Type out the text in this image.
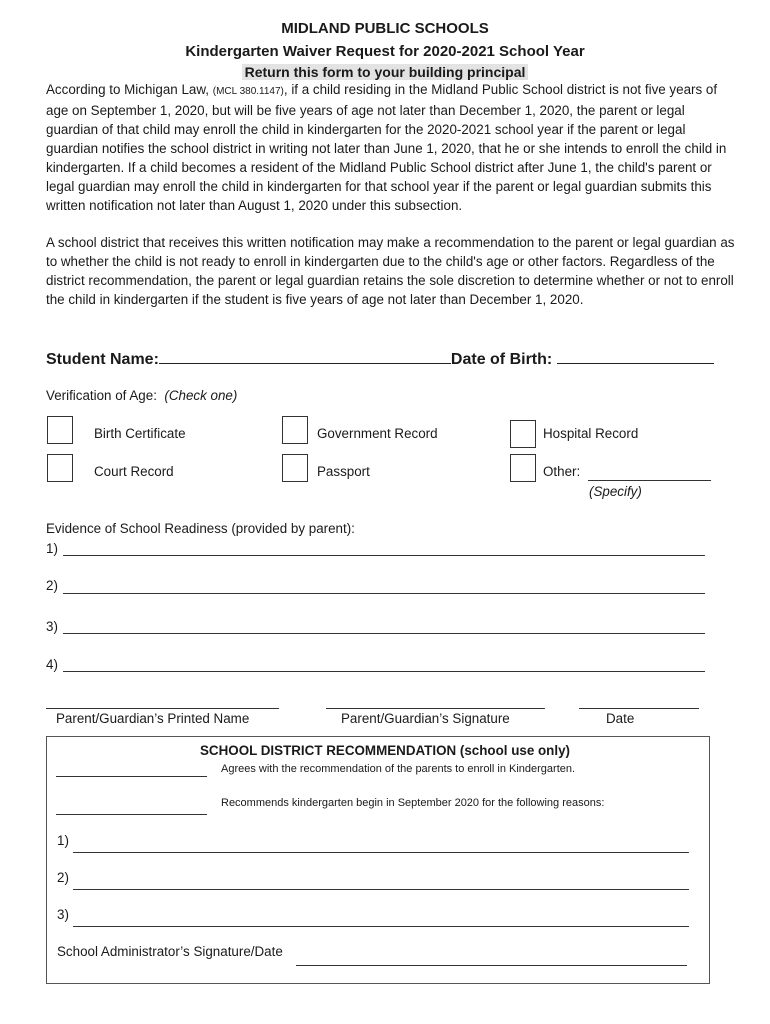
MIDLAND PUBLIC SCHOOLS
Kindergarten Waiver Request for 2020-2021 School Year
Return this form to your building principal

According to Michigan Law, (MCL 380.1147), if a child residing in the Midland Public School district is not five years of age on September 1, 2020, but will be five years of age not later than December 1, 2020, the parent or legal guardian of that child may enroll the child in kindergarten for the 2020-2021 school year if the parent or legal guardian notifies the school district in writing not later than June 1, 2020, that he or she intends to enroll the child in kindergarten. If a child becomes a resident of the Midland Public School district after June 1, the child's parent or legal guardian may enroll the child in kindergarten for that school year if the parent or legal guardian submits this written notification not later than August 1, 2020 under this subsection.

A school district that receives this written notification may make a recommendation to the parent or legal guardian as to whether the child is not ready to enroll in kindergarten due to the child's age or other factors. Regardless of the district recommendation, the parent or legal guardian retains the sole discretion to determine whether or not to enroll the child in kindergarten if the student is five years of age not later than December 1, 2020.

Student Name:	Date of Birth:
Verification of Age: (Check one)
Birth Certificate	Government Record	Hospital Record
Court Record	Passport	Other:
(Specify)
Evidence of School Readiness (provided by parent):
1)
2)
3)
4)
Parent/Guardian’s Printed Name	Parent/Guardian’s Signature	Date
SCHOOL DISTRICT RECOMMENDATION (school use only)
Agrees with the recommendation of the parents to enroll in Kindergarten.
Recommends kindergarten begin in September 2020 for the following reasons:
1)
2)
3)
School Administrator’s Signature/Date
